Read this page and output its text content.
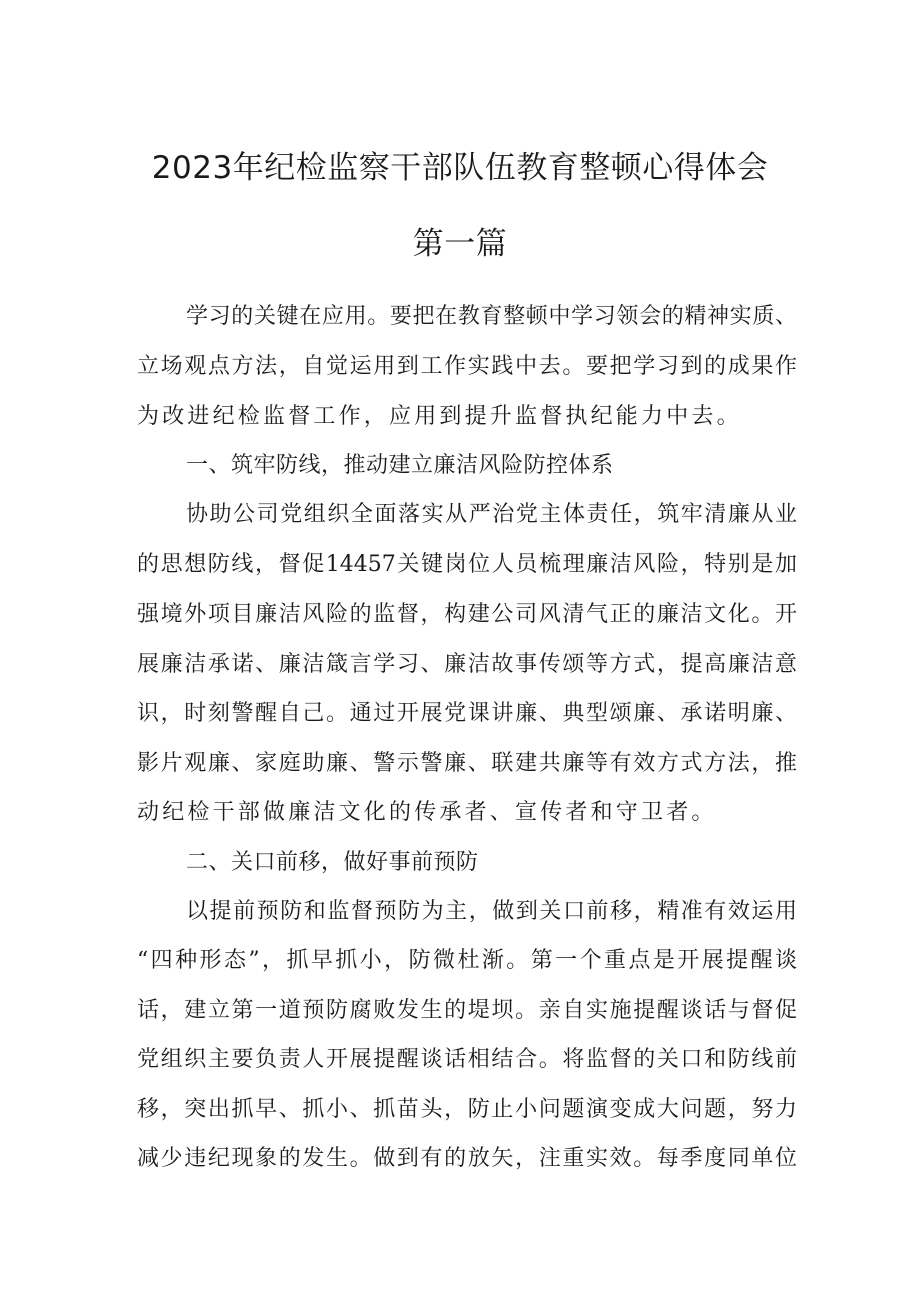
2023年纪检监察干部队伍教育整顿心得体会
第一篇
学习的关键在应用。要把在教育整顿中学习领会的精神实质、
立场观点方法，自觉运用到工作实践中去。要把学习到的成果作
为改进纪检监督工作，应用到提升监督执纪能力中去。
一、筑牢防线，推动建立廉洁风险防控体系
协助公司党组织全面落实从严治党主体责任，筑牢清廉从业
的思想防线，督促14457关键岗位人员梳理廉洁风险，特别是加
强境外项目廉洁风险的监督，构建公司风清气正的廉洁文化。开
展廉洁承诺、廉洁箴言学习、廉洁故事传颂等方式，提高廉洁意
识，时刻警醒自己。通过开展党课讲廉、典型颂廉、承诺明廉、
影片观廉、家庭助廉、警示警廉、联建共廉等有效方式方法，推
动纪检干部做廉洁文化的传承者、宣传者和守卫者。
二、关口前移，做好事前预防
以提前预防和监督预防为主，做到关口前移，精准有效运用
“四种形态”，抓早抓小，防微杜渐。第一个重点是开展提醒谈
话，建立第一道预防腐败发生的堤坝。亲自实施提醒谈话与督促
党组织主要负责人开展提醒谈话相结合。将监督的关口和防线前
移，突出抓早、抓小、抓苗头，防止小问题演变成大问题，努力
减少违纪现象的发生。做到有的放矢，注重实效。每季度同单位
